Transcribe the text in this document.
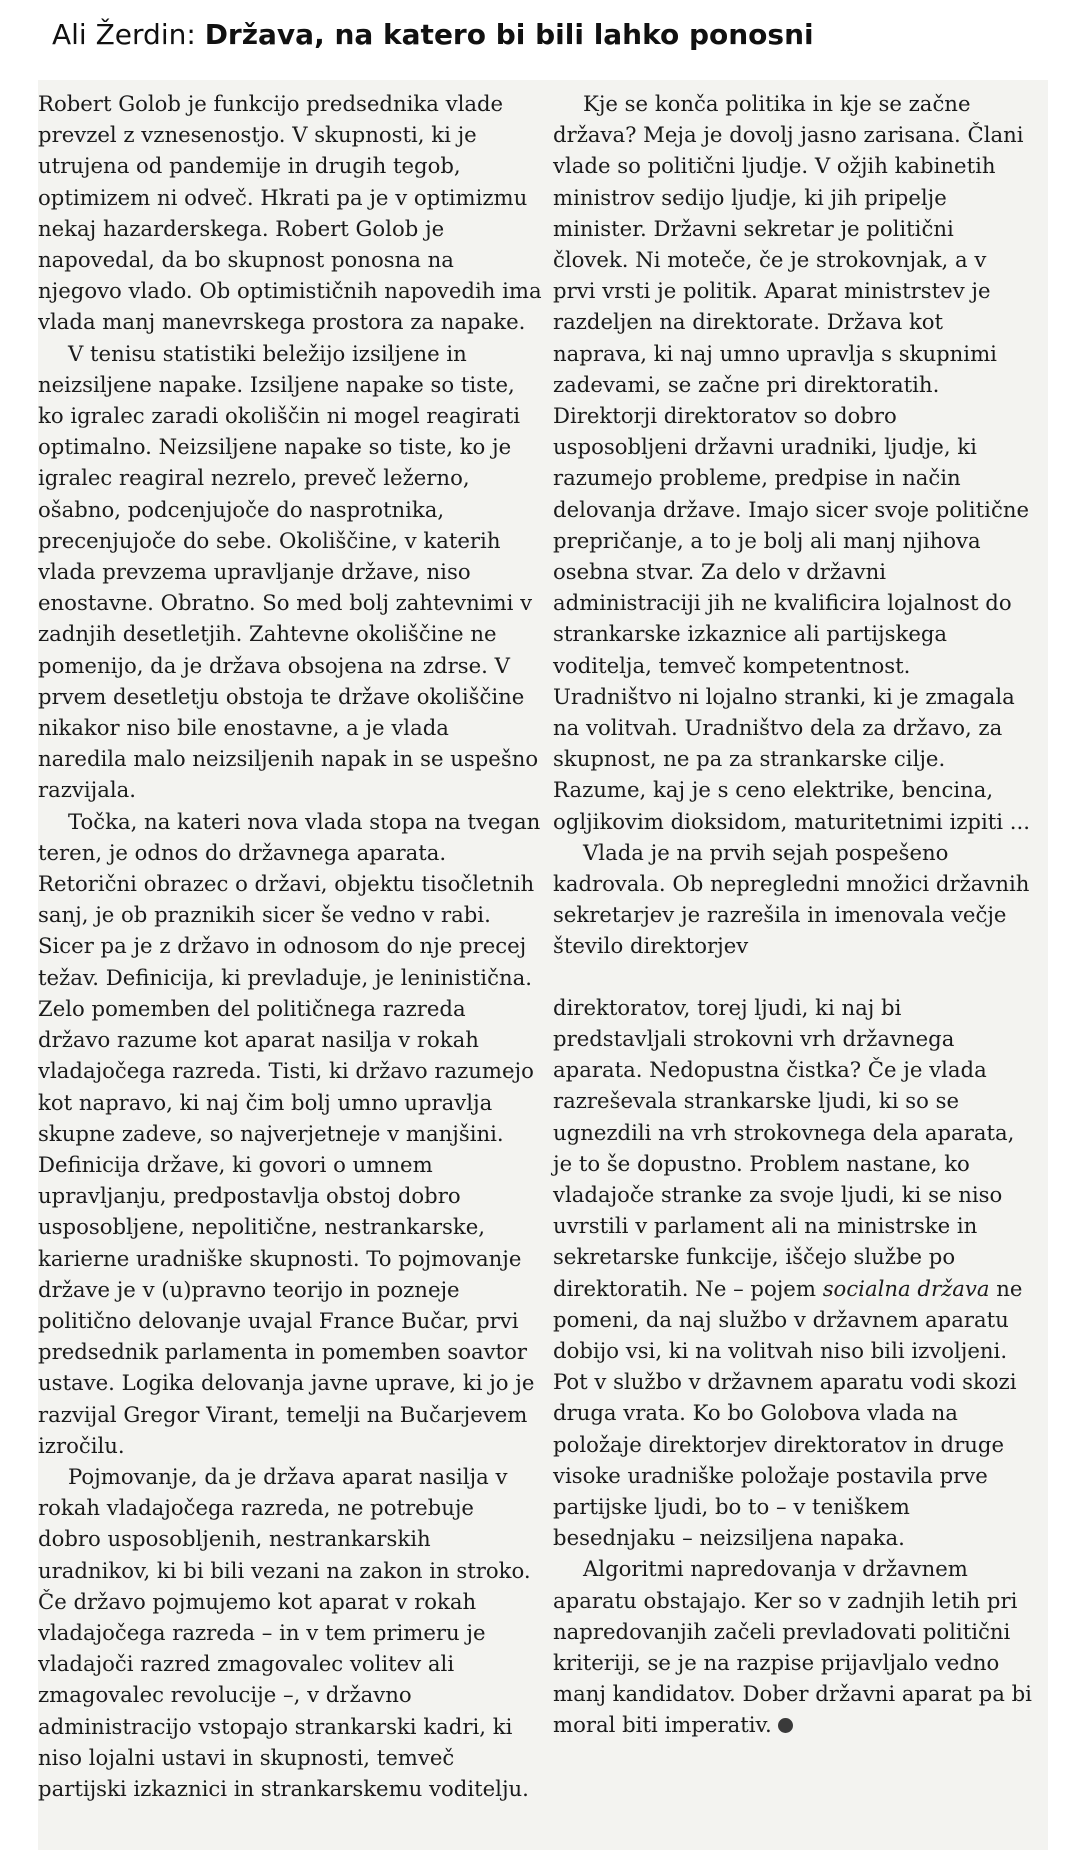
Ali Žerdin: Država, na katero bi bili lahko ponosni

Robert Golob je funkcijo predsednika vlade prevzel z vznesenostjo. V skupnosti, ki je utrujena od pandemije in drugih tegob, optimizem ni odveč. Hkrati pa je v optimizmu nekaj hazarderskega. Robert Golob je napovedal, da bo skupnost ponosna na njegovo vlado. Ob optimističnih napovedih ima vlada manj manevrskega prostora za napake.

V tenisu statistiki beležijo izsiljene in neizsiljene napake. Izsiljene napake so tiste, ko igralec zaradi okoliščin ni mogel reagirati optimalno. Neizsiljene napake so tiste, ko je igralec reagiral nezrelo, preveč ležerno, ošabno, podcenjujoče do nasprotnika, precenjujoče do sebe. Okoliščine, v katerih vlada prevzema upravljanje države, niso enostavne. Obratno. So med bolj zahtevnimi v zadnjih desetletjih. Zahtevne okoliščine ne pomenijo, da je država obsojena na zdrse. V prvem desetletju obstoja te države okoliščine nikakor niso bile enostavne, a je vlada naredila malo neizsiljenih napak in se uspešno razvijala.

Točka, na kateri nova vlada stopa na tvegan teren, je odnos do državnega aparata. Retorični obrazec o državi, objektu tisočletnih sanj, je ob praznikih sicer še vedno v rabi. Sicer pa je z državo in odnosom do nje precej težav. Definicija, ki prevladuje, je leninistična. Zelo pomemben del političnega razreda državo razume kot aparat nasilja v rokah vladajočega razreda. Tisti, ki državo razumejo kot napravo, ki naj čim bolj umno upravlja skupne zadeve, so najverjetneje v manjšini. Definicija države, ki govori o umnem upravljanju, predpostavlja obstoj dobro usposobljene, nepolitične, nestrankarske, karierne uradniške skupnosti. To pojmovanje države je v (u)pravno teorijo in pozneje politično delovanje uvajal France Bučar, prvi predsednik parlamenta in pomemben soavtor ustave. Logika delovanja javne uprave, ki jo je razvijal Gregor Virant, temelji na Bučarjevem izročilu.

Pojmovanje, da je država aparat nasilja v rokah vladajočega razreda, ne potrebuje dobro usposobljenih, nestrankarskih uradnikov, ki bi bili vezani na zakon in stroko. Če državo pojmujemo kot aparat v rokah vladajočega razreda – in v tem primeru je vladajoči razred zmagovalec volitev ali zmagovalec revolucije –, v državno administracijo vstopajo strankarski kadri, ki niso lojalni ustavi in skupnosti, temveč partijski izkaznici in strankarskemu voditelju.

Kje se konča politika in kje se začne država? Meja je dovolj jasno zarisana. Člani vlade so politični ljudje. V ožjih kabinetih ministrov sedijo ljudje, ki jih pripelje minister. Državni sekretar je politični človek. Ni moteče, če je strokovnjak, a v prvi vrsti je politik. Aparat ministrstev je razdeljen na direktorate. Država kot naprava, ki naj umno upravlja s skupnimi zadevami, se začne pri direktoratih. Direktorji direktoratov so dobro usposobljeni državni uradniki, ljudje, ki razumejo probleme, predpise in način delovanja države. Imajo sicer svoje politične prepričanje, a to je bolj ali manj njihova osebna stvar. Za delo v državni administraciji jih ne kvalificira lojalnost do strankarske izkaznice ali partijskega voditelja, temveč kompetentnost. Uradništvo ni lojalno stranki, ki je zmagala na volitvah. Uradništvo dela za državo, za skupnost, ne pa za strankarske cilje. Razume, kaj je s ceno elektrike, bencina, ogljikovim dioksidom, maturitetnimi izpiti ...

Vlada je na prvih sejah pospešeno kadrovala. Ob nepregledni množici državnih sekretarjev je razrešila in imenovala večje število direktorjev

direktoratov, torej ljudi, ki naj bi predstavljali strokovni vrh državnega aparata. Nedopustna čistka? Če je vlada razreševala strankarske ljudi, ki so se ugnezdili na vrh strokovnega dela aparata, je to še dopustno. Problem nastane, ko vladajoče stranke za svoje ljudi, ki se niso uvrstili v parlament ali na ministrske in sekretarske funkcije, iščejo službe po direktoratih. Ne – pojem socialna država ne pomeni, da naj službo v državnem aparatu dobijo vsi, ki na volitvah niso bili izvoljeni. Pot v službo v državnem aparatu vodi skozi druga vrata. Ko bo Golobova vlada na položaje direktorjev direktoratov in druge visoke uradniške položaje postavila prve partijske ljudi, bo to – v teniškem besednjaku – neizsiljena napaka.

Algoritmi napredovanja v državnem aparatu obstajajo. Ker so v zadnjih letih pri napredovanjih začeli prevladovati politični kriteriji, se je na razpise prijavljalo vedno manj kandidatov. Dober državni aparat pa bi moral biti imperativ.
